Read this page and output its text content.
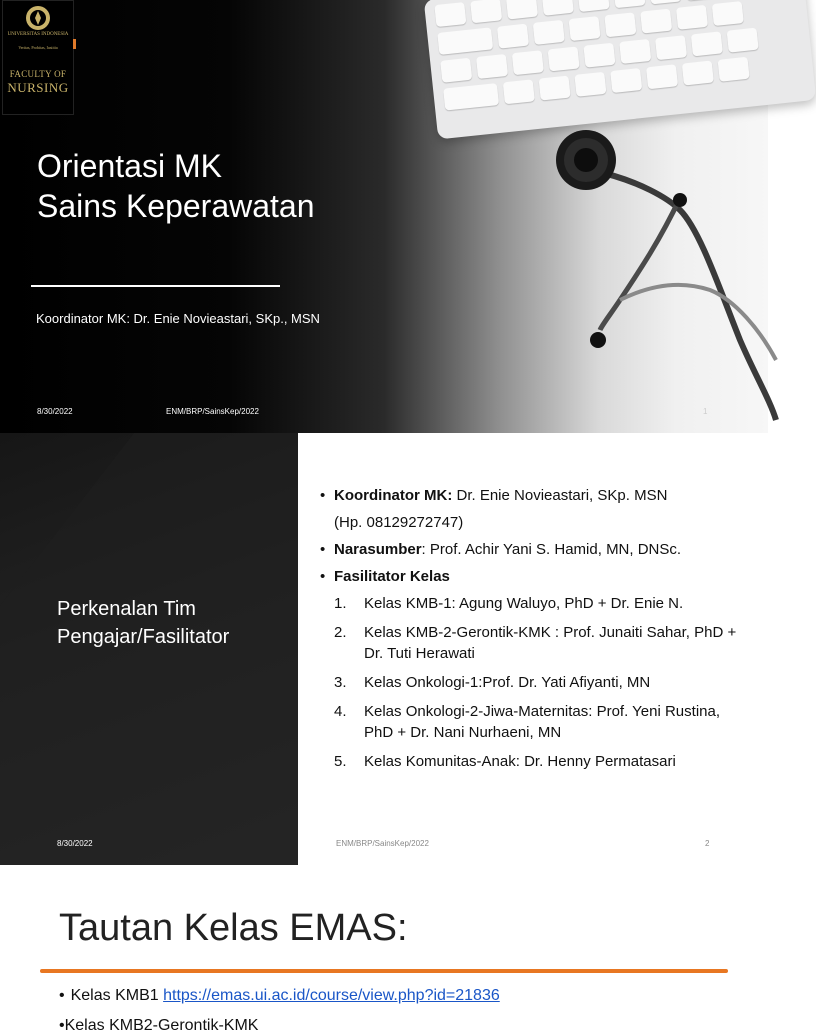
UNIVERSITAS INDONESIA
Veritas, Probitas, Iustitia
FACULTY OF
NURSING
Orientasi MK
Sains Keperawatan
Koordinator MK: Dr. Enie Novieastari, SKp., MSN
8/30/2022	ENM/BRP/SainsKep/2022	1
Perkenalan Tim
Pengajar/Fasilitator
8/30/2022
• Koordinator MK: Dr. Enie Novieastari, SKp. MSN
(Hp. 08129272747)
• Narasumber: Prof. Achir Yani S. Hamid, MN, DNSc.
• Fasilitator Kelas
1. Kelas KMB-1: Agung Waluyo, PhD + Dr. Enie N.
2. Kelas KMB-2-Gerontik-KMK : Prof. Junaiti Sahar, PhD + Dr. Tuti Herawati
3. Kelas Onkologi-1:Prof. Dr. Yati Afiyanti, MN
4. Kelas Onkologi-2-Jiwa-Maternitas: Prof. Yeni Rustina, PhD + Dr. Nani Nurhaeni, MN
5. Kelas Komunitas-Anak: Dr. Henny Permatasari
ENM/BRP/SainsKep/2022	2
Tautan Kelas EMAS:
• Kelas KMB1 https://emas.ui.ac.id/course/view.php?id=21836
•Kelas KMB2-Gerontik-KMK
